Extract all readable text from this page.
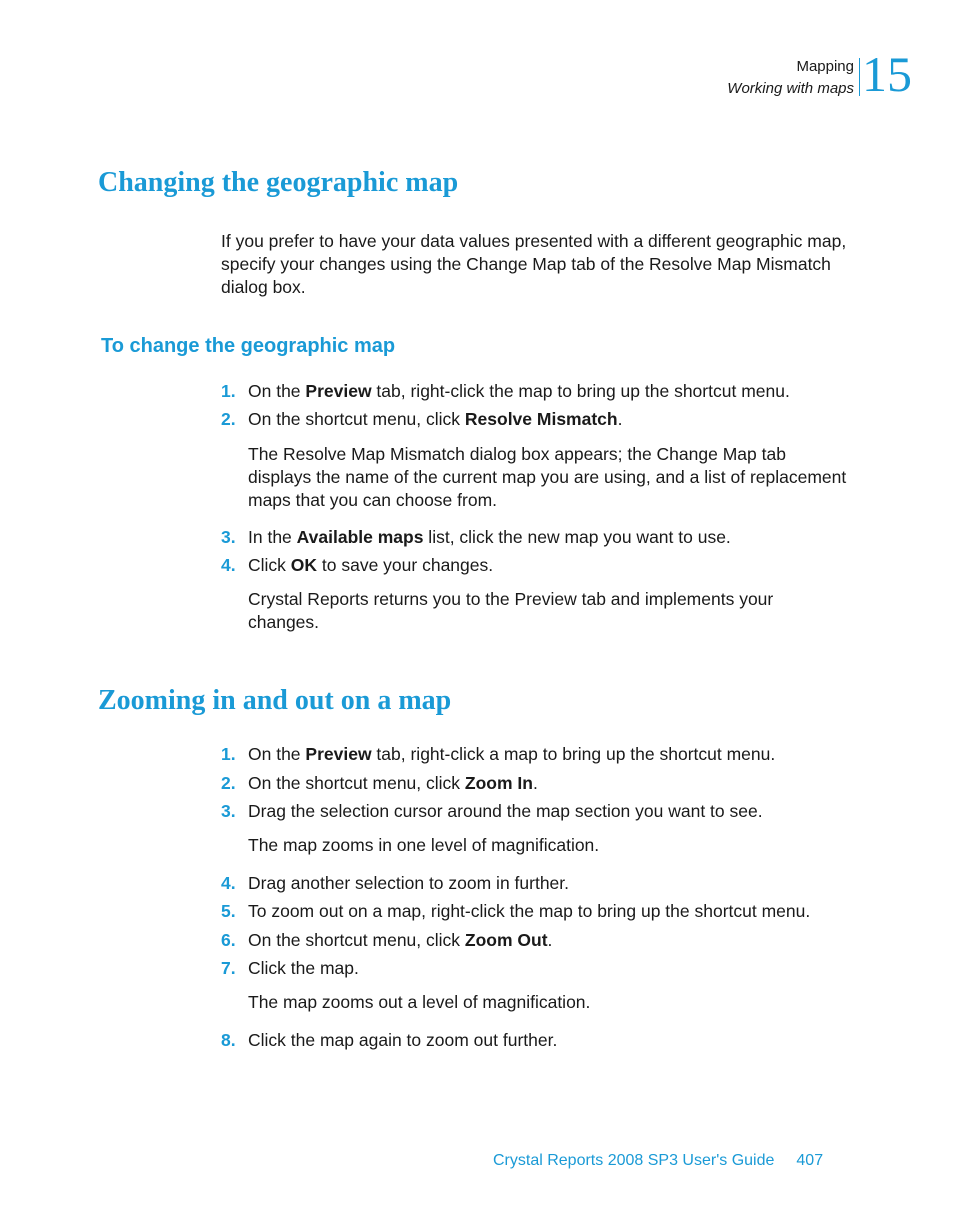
Mapping
Working with maps 15
Changing the geographic map

If you prefer to have your data values presented with a different geographic map, specify your changes using the Change Map tab of the Resolve Map Mismatch dialog box.

To change the geographic map
1. On the Preview tab, right-click the map to bring up the shortcut menu.
2. On the shortcut menu, click Resolve Mismatch.

The Resolve Map Mismatch dialog box appears; the Change Map tab displays the name of the current map you are using, and a list of replacement maps that you can choose from.

3. In the Available maps list, click the new map you want to use.
4. Click OK to save your changes.

Crystal Reports returns you to the Preview tab and implements your changes.

Zooming in and out on a map
1. On the Preview tab, right-click a map to bring up the shortcut menu.
2. On the shortcut menu, click Zoom In.
3. Drag the selection cursor around the map section you want to see.

The map zooms in one level of magnification.

4. Drag another selection to zoom in further.
5. To zoom out on a map, right-click the map to bring up the shortcut menu.
6. On the shortcut menu, click Zoom Out.
7. Click the map.

The map zooms out a level of magnification.

8. Click the map again to zoom out further.
Crystal Reports 2008 SP3 User's Guide 407
